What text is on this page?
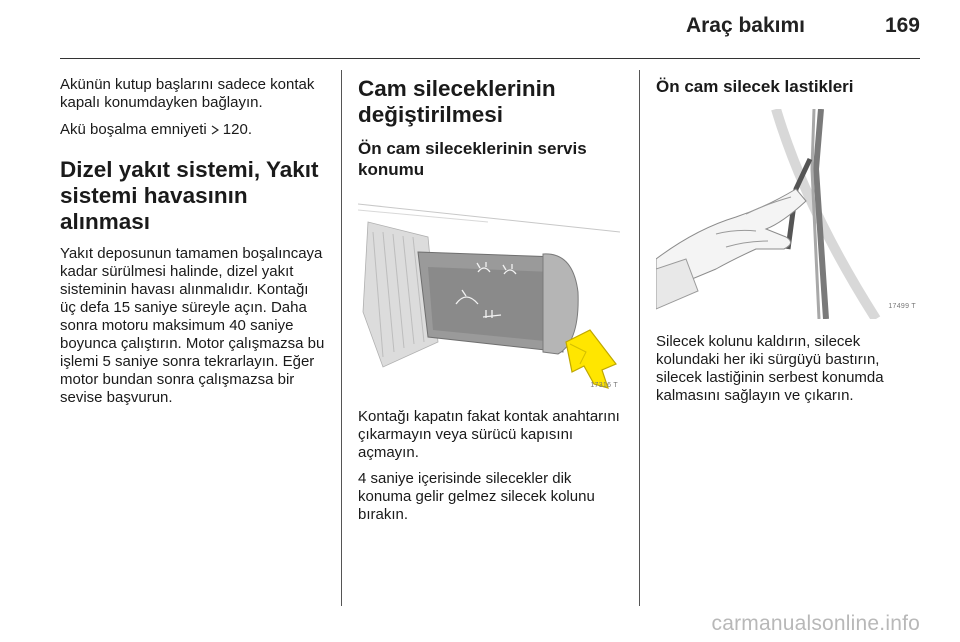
Araç bakımı	169

Akünün kutup başlarını sadece kontak kapalı konumdayken bağlayın.

Akü boşalma emniyeti 120.

Dizel yakıt sistemi, Yakıt sistemi havasının alınması

Yakıt deposunun tamamen boşalıncaya kadar sürülmesi halinde, dizel yakıt sisteminin havası alınmalıdır. Kontağı üç defa 15 saniye süreyle açın. Daha sonra motoru maksimum 40 saniye boyunca çalıştırın. Motor çalışmazsa bu işlemi 5 saniye sonra tekrarlayın. Eğer motor bundan sonra çalışmazsa bir sevise başvurun.

Cam sileceklerinin değiştirilmesi
Ön cam sileceklerinin servis konumu
17316 T

Kontağı kapatın fakat kontak anahtarını çıkarmayın veya sürücü kapısını açmayın.

4 saniye içerisinde silecekler dik konuma gelir gelmez silecek kolunu bırakın.

Ön cam silecek lastikleri
17499 T

Silecek kolunu kaldırın, silecek kolundaki her iki sürgüyü bastırın, silecek lastiğinin serbest konumda kalmasını sağlayın ve çıkarın.

carmanualsonline.info
